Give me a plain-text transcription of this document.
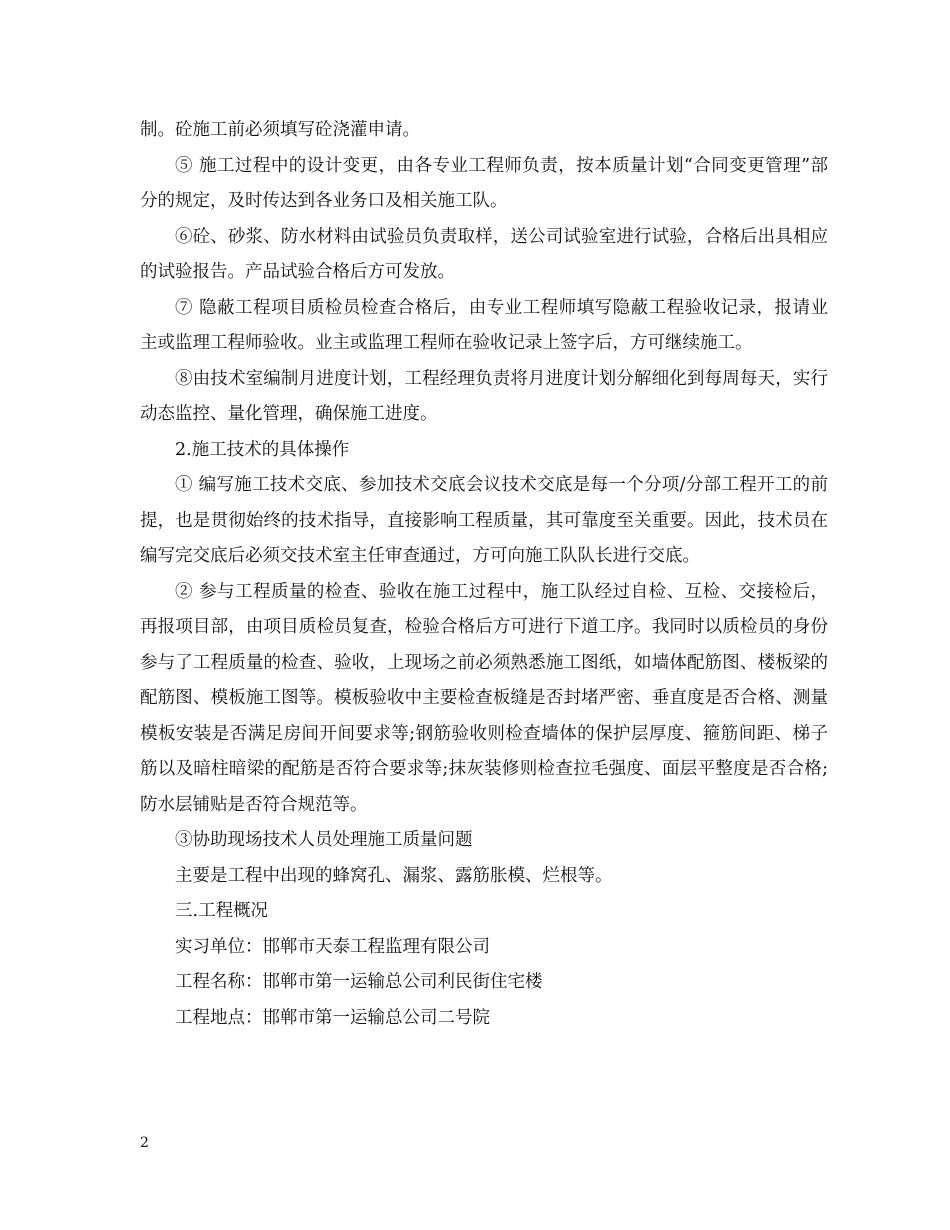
制。砼施工前必须填写砼浇灌申请。

⑤ 施工过程中的设计变更，由各专业工程师负责，按本质量计划“合同变更管理”部分的规定，及时传达到各业务口及相关施工队。

⑥砼、砂浆、防水材料由试验员负责取样，送公司试验室进行试验，合格后出具相应的试验报告。产品试验合格后方可发放。

⑦ 隐蔽工程项目质检员检查合格后，由专业工程师填写隐蔽工程验收记录，报请业主或监理工程师验收。业主或监理工程师在验收记录上签字后，方可继续施工。

⑧由技术室编制月进度计划，工程经理负责将月进度计划分解细化到每周每天，实行动态监控、量化管理，确保施工进度。

2.施工技术的具体操作

① 编写施工技术交底、参加技术交底会议技术交底是每一个分项/分部工程开工的前提，也是贯彻始终的技术指导，直接影响工程质量，其可靠度至关重要。因此，技术员在编写完交底后必须交技术室主任审查通过，方可向施工队队长进行交底。

② 参与工程质量的检查、验收在施工过程中，施工队经过自检、互检、交接检后，再报项目部，由项目质检员复查，检验合格后方可进行下道工序。我同时以质检员的身份参与了工程质量的检查、验收，上现场之前必须熟悉施工图纸，如墙体配筋图、楼板梁的配筋图、模板施工图等。模板验收中主要检查板缝是否封堵严密、垂直度是否合格、测量模板安装是否满足房间开间要求等;钢筋验收则检查墙体的保护层厚度、箍筋间距、梯子筋以及暗柱暗梁的配筋是否符合要求等;抹灰装修则检查拉毛强度、面层平整度是否合格;防水层铺贴是否符合规范等。

③协助现场技术人员处理施工质量问题

主要是工程中出现的蜂窝孔、漏浆、露筋胀模、烂根等。

三.工程概况

实习单位：邯郸市天泰工程监理有限公司

工程名称：邯郸市第一运输总公司利民街住宅楼

工程地点：邯郸市第一运输总公司二号院

2
